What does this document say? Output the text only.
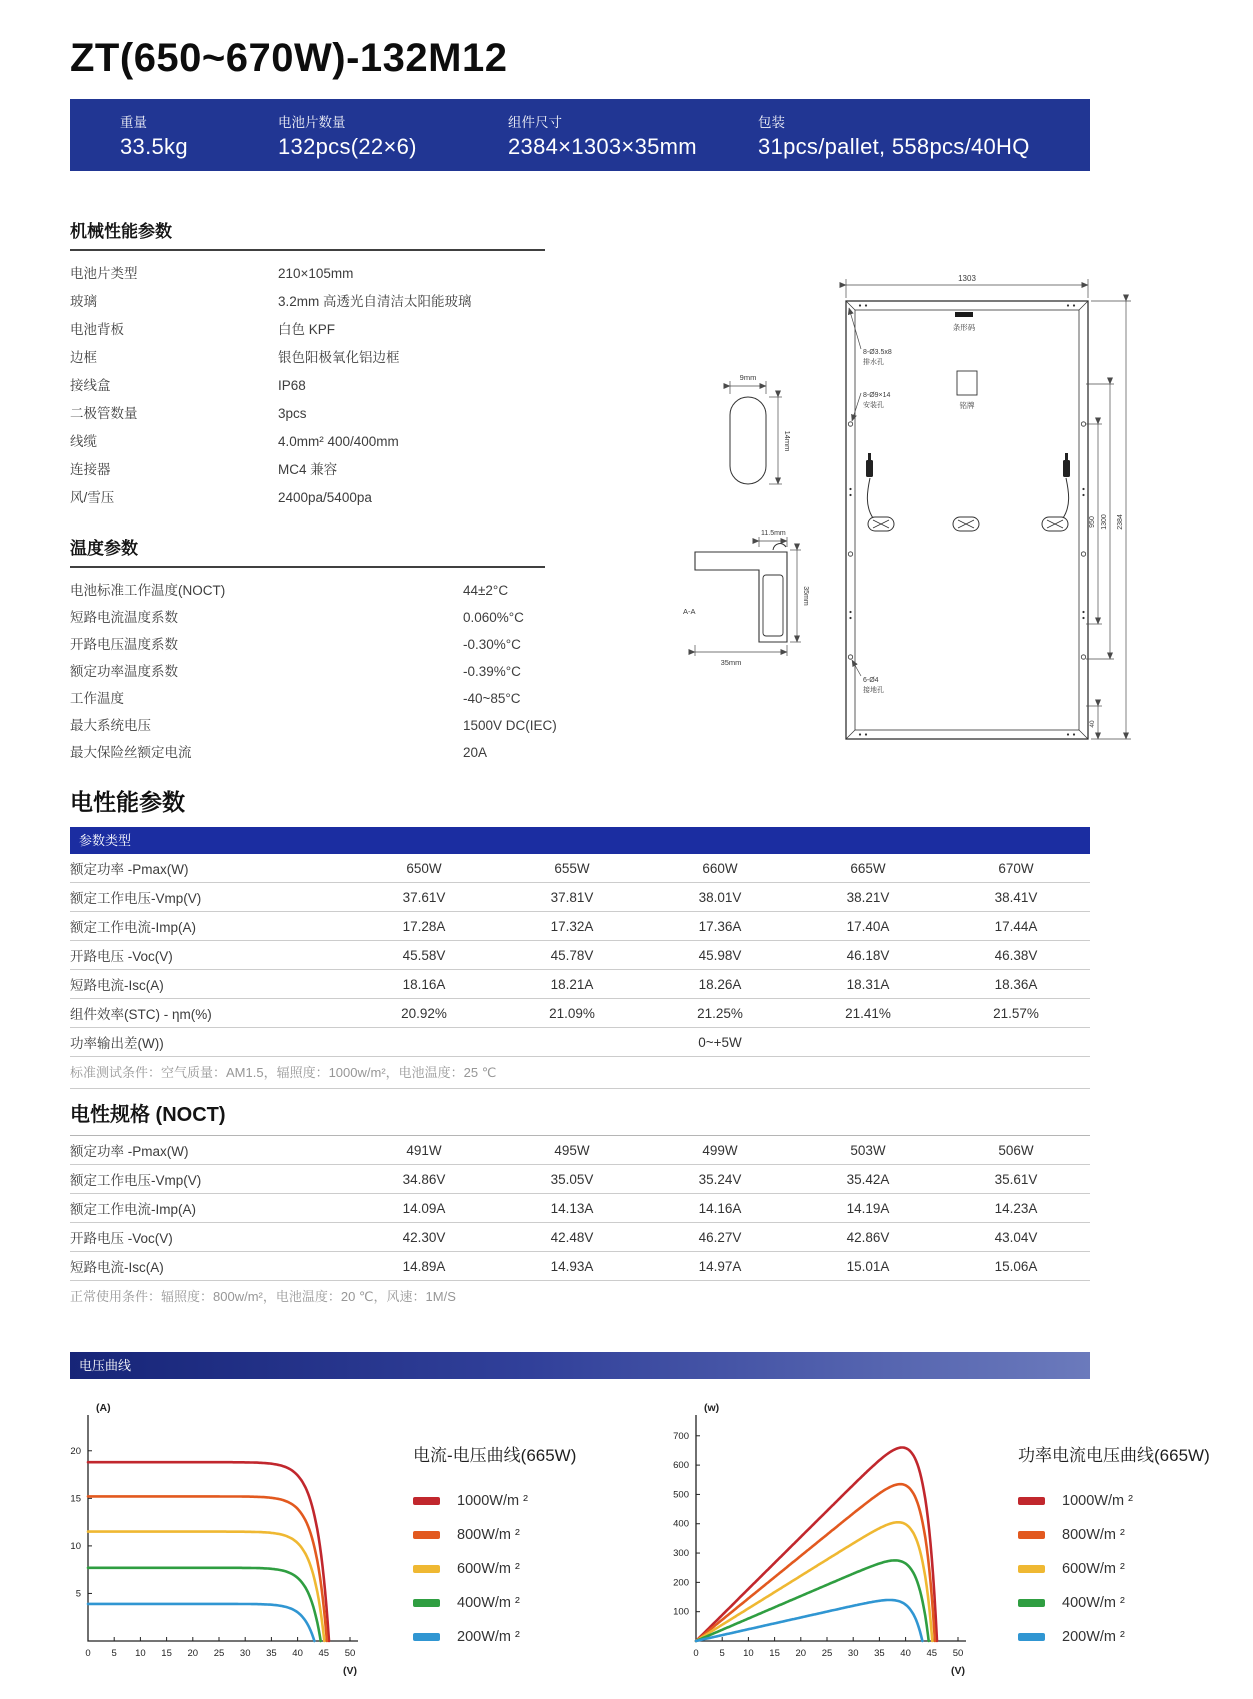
ZT(650~670W)-132M12
重量
33.5kg
电池片数量
132pcs(22×6)
组件尺寸
2384×1303×35mm
包装
31pcs/pallet, 558pcs/40HQ
机械性能参数
电池片类型	210×105mm
玻璃	3.2mm 高透光自清洁太阳能玻璃
电池背板	白色 KPF
边框	银色阳极氧化铝边框
接线盒	IP68
二极管数量	3pcs
线缆	4.0mm² 400/400mm
连接器	MC4 兼容
风/雪压	2400pa/5400pa
温度参数
电池标准工作温度(NOCT)	44±2°C
短路电流温度系数	0.060%°C
开路电压温度系数	-0.30%°C
额定功率温度系数	-0.39%°C
工作温度	-40~85°C
最大系统电压	1500V DC(IEC)
最大保险丝额定电流	20A
条形码
铭牌
8-Ø3.5x8
排水孔
8-Ø9×14
安装孔
6-Ø4
接地孔
1303
950 1300 2384
40
9mm
14mm
11.5mm
35mm
35mm
A-A
电性能参数
参数类型
额定功率 -Pmax(W)	650W	655W	660W	665W	670W
额定工作电压-Vmp(V)	37.61V	37.81V	38.01V	38.21V	38.41V
额定工作电流-Imp(A)	17.28A	17.32A	17.36A	17.40A	17.44A
开路电压 -Voc(V)	45.58V	45.78V	45.98V	46.18V	46.38V
短路电流-Isc(A)	18.16A	18.21A	18.26A	18.31A	18.36A
组件效率(STC) - ηm(%)	20.92%	21.09%	21.25%	21.41%	21.57%
功率输出差(W))	0~+5W
标准测试条件：空气质量：AM1.5，辐照度：1000w/m²，电池温度：25 ℃
电性规格 (NOCT)
额定功率 -Pmax(W)	491W	495W	499W	503W	506W
额定工作电压-Vmp(V)	34.86V	35.05V	35.24V	35.42A	35.61V
额定工作电流-Imp(A)	14.09A	14.13A	14.16A	14.19A	14.23A
开路电压 -Voc(V)	42.30V	42.48V	46.27V	42.86V	43.04V
短路电流-Isc(A)	14.89A	14.93A	14.97A	15.01A	15.06A
正常使用条件：辐照度：800w/m²，电池温度：20 ℃，风速：1M/S
电压曲线
0 5 10 15 20 25 30 35 40 45 50
5
10
15
20
(V)
(A)
电流-电压曲线(665W)
1000W/m ²
800W/m ²
600W/m ²
400W/m ²
200W/m ²
0 5 10 15 20 25 30 35 40 45 50
100
200
300
400
500
600
700
(V)
(w)
功率电流电压曲线(665W)
1000W/m ²
800W/m ²
600W/m ²
400W/m ²
200W/m ²
